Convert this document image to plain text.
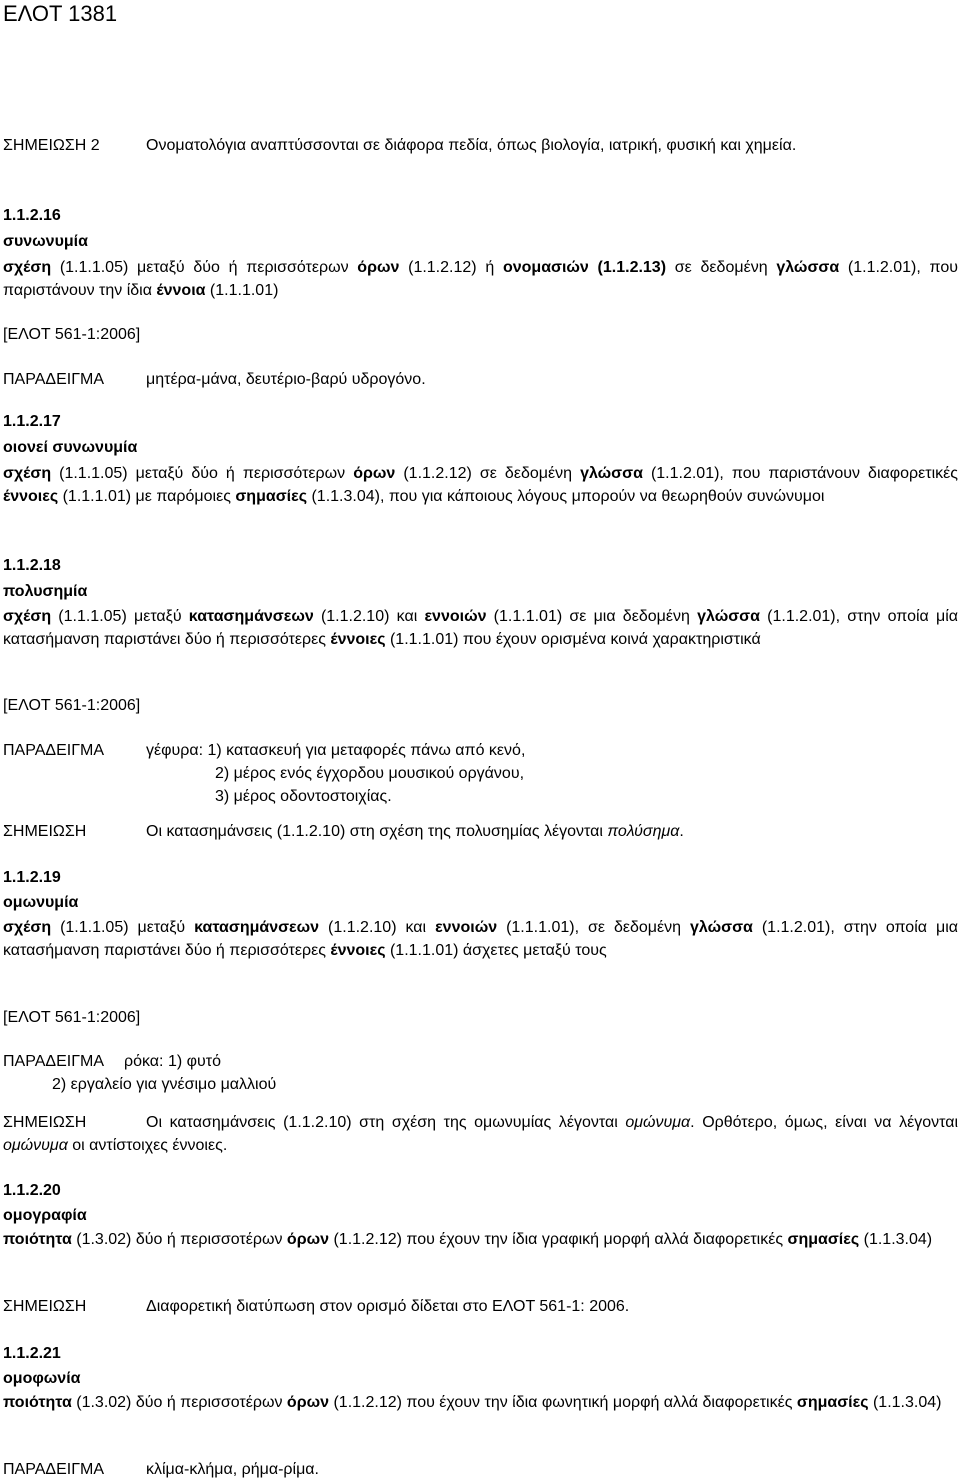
ΕΛΟΤ 1381
ΣΗΜΕΙΩΣΗ 2	Ονοματολόγια αναπτύσσονται σε διάφορα πεδία, όπως βιολογία, ιατρική, φυσική και χημεία.
1.1.2.16
συνωνυμία
σχέση (1.1.1.05) μεταξύ δύο ή περισσότερων όρων (1.1.2.12) ή ονομασιών (1.1.2.13) σε δεδομένη γλώσσα (1.1.2.01), που παριστάνουν την ίδια έννοια (1.1.1.01)
[ΕΛΟΤ 561-1:2006]
ΠΑΡΑΔΕΙΓΜΑ	μητέρα-μάνα, δευτέριο-βαρύ υδρογόνο.
1.1.2.17
οιονεί συνωνυμία
σχέση (1.1.1.05) μεταξύ δύο ή περισσότερων όρων (1.1.2.12) σε δεδομένη γλώσσα (1.1.2.01), που παριστάνουν διαφορετικές έννοιες (1.1.1.01) με παρόμοιες σημασίες (1.1.3.04), που για κάποιους λόγους μπορούν να θεωρηθούν συνώνυμοι
1.1.2.18
πολυσημία
σχέση (1.1.1.05) μεταξύ κατασημάνσεων (1.1.2.10) και εννοιών (1.1.1.01) σε μια δεδομένη γλώσσα (1.1.2.01), στην οποία μία κατασήμανση παριστάνει δύο ή περισσότερες έννοιες (1.1.1.01) που έχουν ορισμένα κοινά χαρακτηριστικά
[ΕΛΟΤ 561-1:2006]
ΠΑΡΑΔΕΙΓΜΑ	γέφυρα: 1) κατασκευή για μεταφορές πάνω από κενό,
2) μέρος ενός έγχορδου μουσικού οργάνου,
3) μέρος οδοντοστοιχίας.
ΣΗΜΕΙΩΣΗ	Οι κατασημάνσεις (1.1.2.10) στη σχέση της πολυσημίας λέγονται πολύσημα.
1.1.2.19
ομωνυμία
σχέση (1.1.1.05) μεταξύ κατασημάνσεων (1.1.2.10) και εννοιών (1.1.1.01), σε δεδομένη γλώσσα (1.1.2.01), στην οποία μια κατασήμανση παριστάνει δύο ή περισσότερες έννοιες (1.1.1.01) άσχετες μεταξύ τους
[ΕΛΟΤ 561-1:2006]
ΠΑΡΑΔΕΙΓΜΑ ρόκα: 1) φυτό
2) εργαλείο για γνέσιμο μαλλιού
ΣΗΜΕΙΩΣΗ	Οι κατασημάνσεις (1.1.2.10) στη σχέση της ομωνυμίας λέγονται ομώνυμα. Ορθότερο, όμως, είναι να λέγονται ομώνυμα οι αντίστοιχες έννοιες.
1.1.2.20
ομογραφία
ποιότητα (1.3.02) δύο ή περισσοτέρων όρων (1.1.2.12) που έχουν την ίδια γραφική μορφή αλλά διαφορετικές σημασίες (1.1.3.04)
ΣΗΜΕΙΩΣΗ	Διαφορετική διατύπωση στον ορισμό δίδεται στο ΕΛΟΤ 561-1: 2006.
1.1.2.21
ομοφωνία
ποιότητα (1.3.02) δύο ή περισσοτέρων όρων (1.1.2.12) που έχουν την ίδια φωνητική μορφή αλλά διαφορετικές σημασίες (1.1.3.04)
ΠΑΡΑΔΕΙΓΜΑ	κλίμα-κλήμα, ρήμα-ρίμα.
